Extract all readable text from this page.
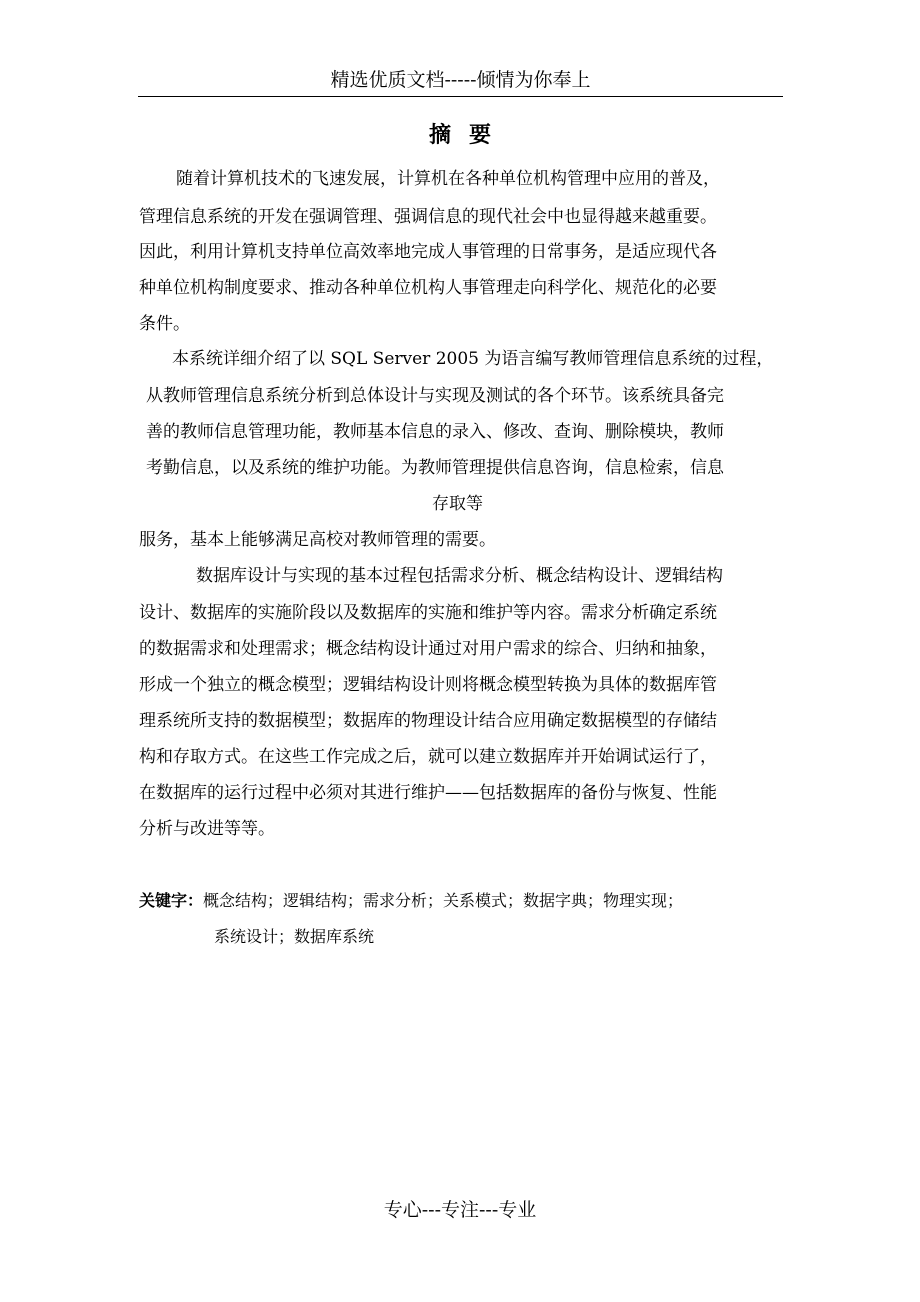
精选优质文档-----倾情为你奉上
摘要
随着计算机技术的飞速发展，计算机在各种单位机构管理中应用的普及，
管理信息系统的开发在强调管理、强调信息的现代社会中也显得越来越重要。
因此，利用计算机支持单位高效率地完成人事管理的日常事务，是适应现代各
种单位机构制度要求、推动各种单位机构人事管理走向科学化、规范化的必要
条件。
本系统详细介绍了以 SQL Server 2005 为语言编写教师管理信息系统的过程，
从教师管理信息系统分析到总体设计与实现及测试的各个环节。该系统具备完
善的教师信息管理功能，教师基本信息的录入、修改、查询、删除模块，教师
考勤信息，以及系统的维护功能。为教师管理提供信息咨询，信息检索，信息
存取等
服务，基本上能够满足高校对教师管理的需要。
数据库设计与实现的基本过程包括需求分析、概念结构设计、逻辑结构
设计、数据库的实施阶段以及数据库的实施和维护等内容。需求分析确定系统
的数据需求和处理需求；概念结构设计通过对用户需求的综合、归纳和抽象，
形成一个独立的概念模型；逻辑结构设计则将概念模型转换为具体的数据库管
理系统所支持的数据模型；数据库的物理设计结合应用确定数据模型的存储结
构和存取方式。在这些工作完成之后，就可以建立数据库并开始调试运行了，
在数据库的运行过程中必须对其进行维护——包括数据库的备份与恢复、性能
分析与改进等等。
关键字：概念结构；逻辑结构；需求分析；关系模式；数据字典；物理实现；
系统设计；数据库系统
专心---专注---专业
